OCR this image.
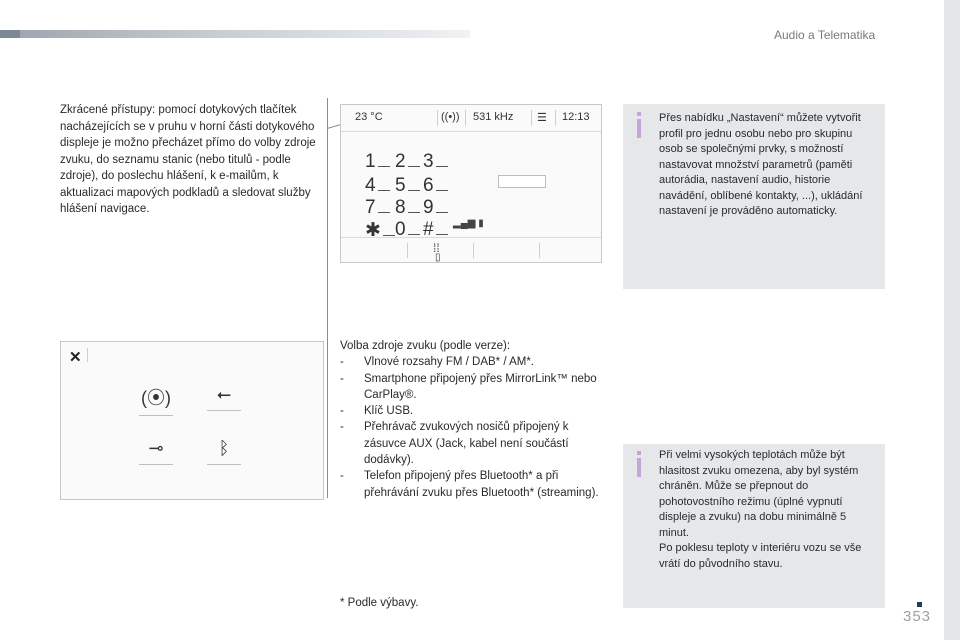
Audio a Telematika

Zkrácené přístupy: pomocí dotykových tlačítek nacházejících se v pruhu v horní části dotykového displeje je možno přecházet přímo do volby zdroje zvuku, do seznamu stanic (nebo titulů - podle zdroje), do poslechu hlášení, k e-mailům, k aktualizaci mapových podkladů a sledovat služby hlášení navigace.

23 °C	((•)) 531 kHz ☰ 12:13
1	2 3
4	5 6
7	8 9
✱ 0 #	▂▄▆ ▮
⁞⁞
▯

Přes nabídku „Nastavení“ můžete vytvořit profil pro jednu osobu nebo pro skupinu osob se společnými prvky, s možností nastavovat množství parametrů (paměti autorádia, nastavení audio, historie navádění, oblíbené kontakty, ...), ukládání nastavení je prováděno automaticky.

✕
(⦿)	⭠
⊸	ᛒ
Volba zdroje zvuku (podle verze):
- Vlnové rozsahy FM / DAB* / AM*.
- Smartphone připojený přes MirrorLink™ nebo CarPlay®.
- Klíč USB.
- Přehrávač zvukových nosičů připojený k zásuvce AUX (Jack, kabel není součástí dodávky).
- Telefon připojený přes Bluetooth* a při přehrávání zvuku přes Bluetooth* (streaming).

Při velmi vysokých teplotách může být hlasitost zvuku omezena, aby byl systém chráněn. Může se přepnout do pohotovostního režimu (úplné vypnutí displeje a zvuku) na dobu minimálně 5 minut.
Po poklesu teploty v interiéru vozu se vše vrátí do původního stavu.

* Podle výbavy.
353
